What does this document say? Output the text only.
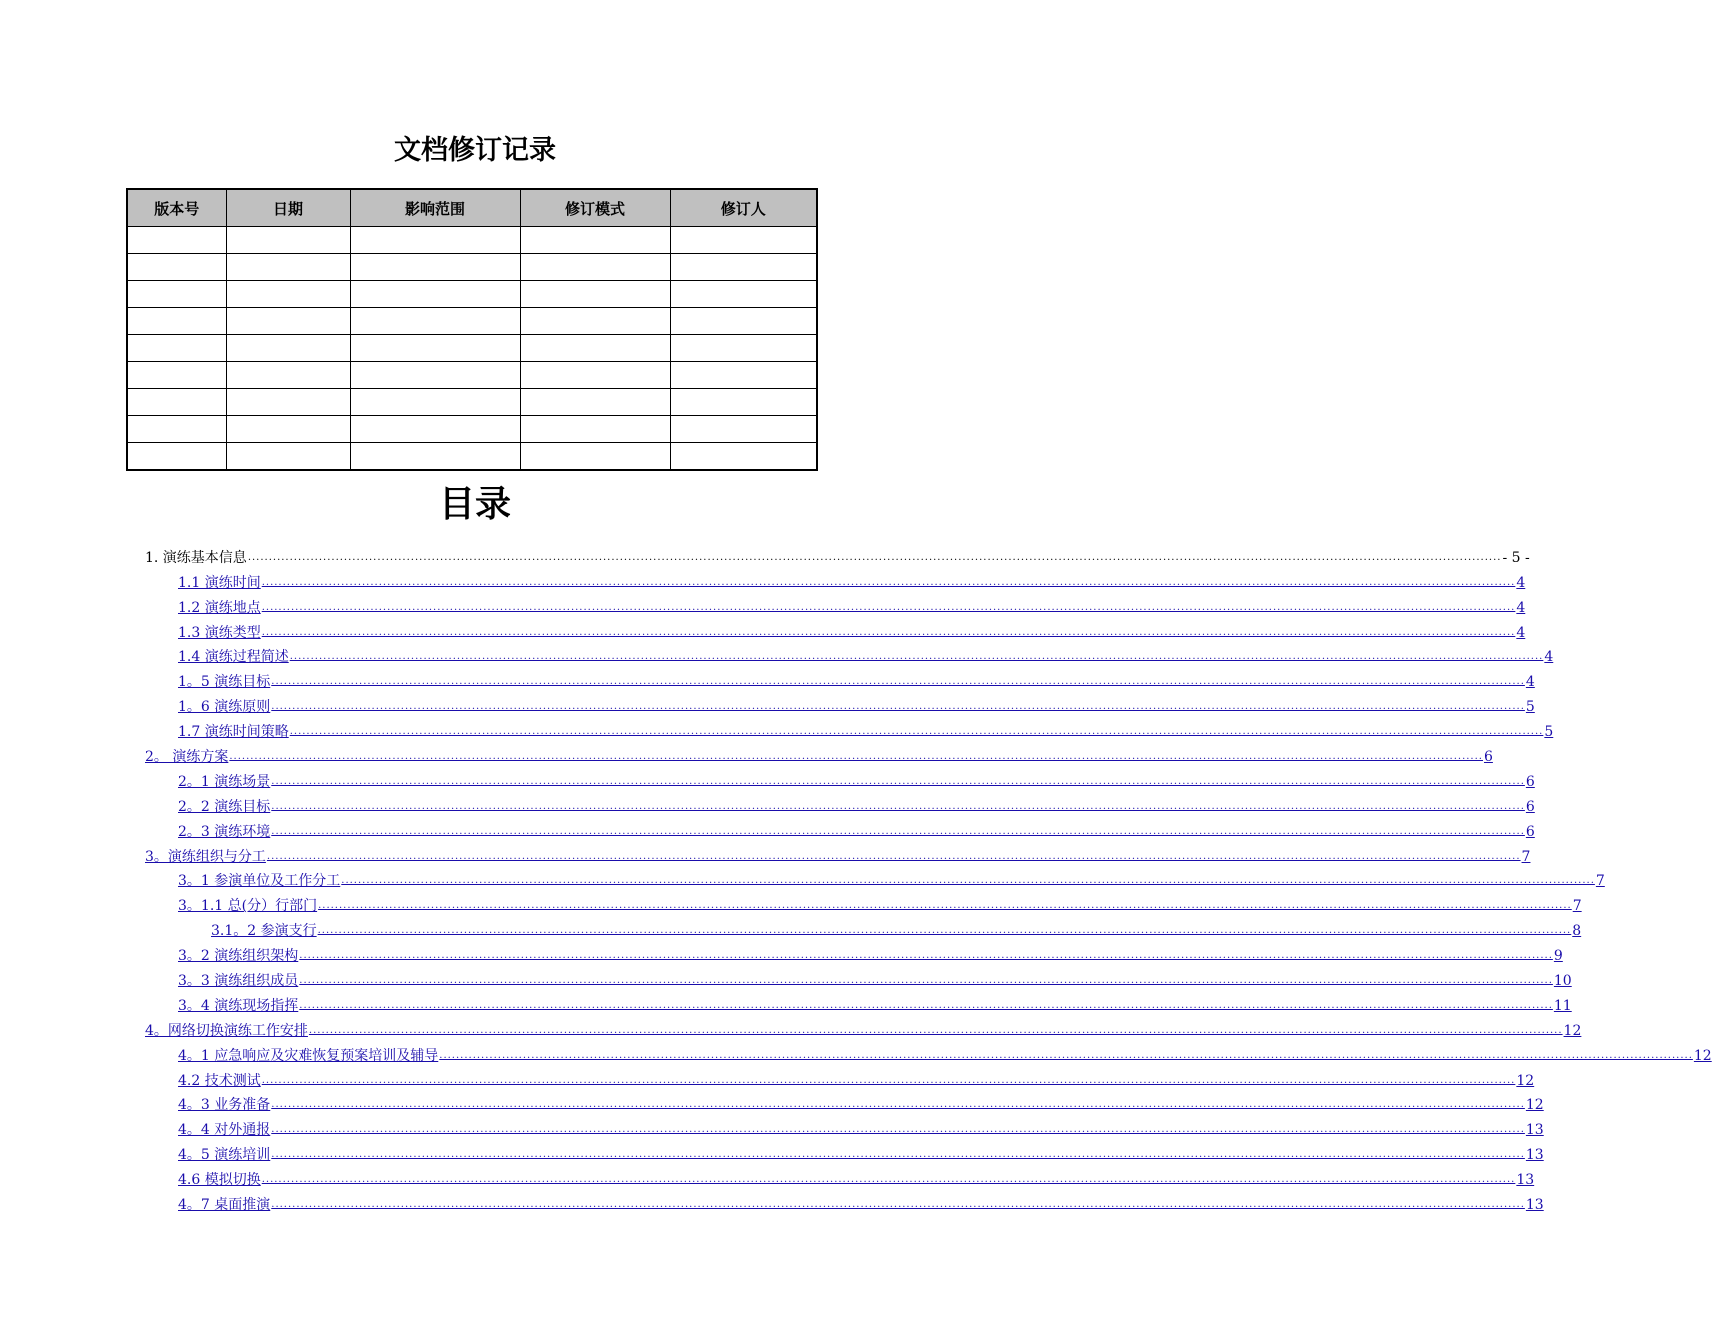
文档修订记录
版本号	日期	影响范围	修订模式	修订人

目录
1. 演练基本信息 ............................................................................................................................................................................................................................................................................................................ - 5 -
1.1 演练时间 ............................................................................................................................................................................................................................................................................................................ 4
1.2 演练地点 ............................................................................................................................................................................................................................................................................................................ 4
1.3 演练类型 ............................................................................................................................................................................................................................................................................................................ 4
1.4 演练过程简述 ............................................................................................................................................................................................................................................................................................................ 4
1。5 演练目标 ............................................................................................................................................................................................................................................................................................................ 4
1。6 演练原则 ............................................................................................................................................................................................................................................................................................................ 5
1.7 演练时间策略 ............................................................................................................................................................................................................................................................................................................ 5
2。 演练方案 ............................................................................................................................................................................................................................................................................................................ 6
2。1 演练场景 ............................................................................................................................................................................................................................................................................................................ 6
2。2 演练目标 ............................................................................................................................................................................................................................................................................................................ 6
2。3 演练环境 ............................................................................................................................................................................................................................................................................................................ 6
3。演练组织与分工 ............................................................................................................................................................................................................................................................................................................ 7
3。1 参演单位及工作分工 ............................................................................................................................................................................................................................................................................................................ 7
3。1.1 总(分）行部门 ............................................................................................................................................................................................................................................................................................................ 7
3.1。2 参演支行 ............................................................................................................................................................................................................................................................................................................ 8
3。2 演练组织架构 ............................................................................................................................................................................................................................................................................................................ 9
3。3 演练组织成员 ............................................................................................................................................................................................................................................................................................................ 10
3。4 演练现场指挥 ............................................................................................................................................................................................................................................................................................................ 11
4。网络切换演练工作安排 ............................................................................................................................................................................................................................................................................................................ 12
4。1 应急响应及灾难恢复预案培训及辅导 ............................................................................................................................................................................................................................................................................................................ 12
4.2 技术测试 ............................................................................................................................................................................................................................................................................................................ 12
4。3 业务准备 ............................................................................................................................................................................................................................................................................................................ 12
4。4 对外通报 ............................................................................................................................................................................................................................................................................................................ 13
4。5 演练培训 ............................................................................................................................................................................................................................................................................................................ 13
4.6 模拟切换 ............................................................................................................................................................................................................................................................................................................ 13
4。7 桌面推演 ............................................................................................................................................................................................................................................................................................................ 13
